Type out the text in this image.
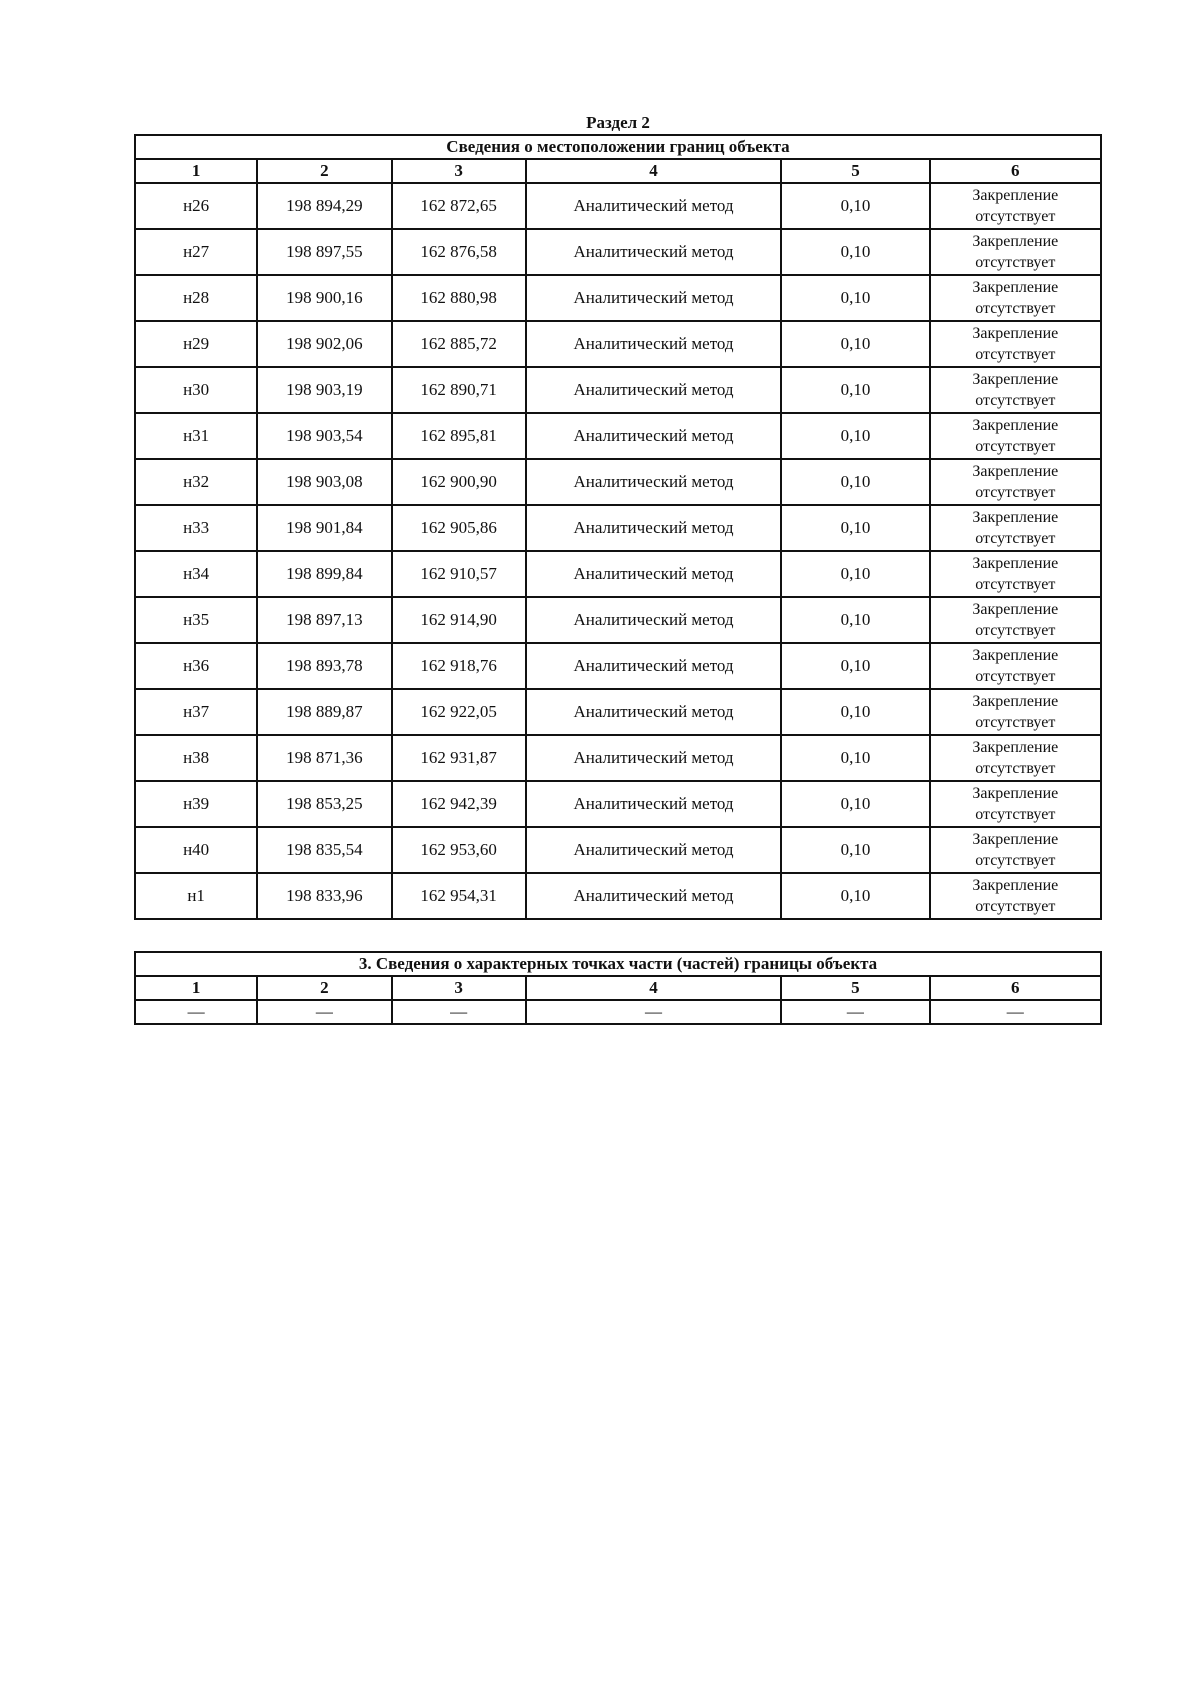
Раздел 2
Сведения о местоположении границ объекта					
1	2	3	4	5	6
н26	198 894,29	162 872,65	Аналитический метод	0,10	Закрепление
отсутствует

н27	198 897,55	162 876,58	Аналитический метод	0,10	Закрепление
отсутствует

н28	198 900,16	162 880,98	Аналитический метод	0,10	Закрепление
отсутствует

н29	198 902,06	162 885,72	Аналитический метод	0,10	Закрепление
отсутствует

н30	198 903,19	162 890,71	Аналитический метод	0,10	Закрепление
отсутствует

н31	198 903,54	162 895,81	Аналитический метод	0,10	Закрепление
отсутствует

н32	198 903,08	162 900,90	Аналитический метод	0,10	Закрепление
отсутствует

н33	198 901,84	162 905,86	Аналитический метод	0,10	Закрепление
отсутствует

н34	198 899,84	162 910,57	Аналитический метод	0,10	Закрепление
отсутствует

н35	198 897,13	162 914,90	Аналитический метод	0,10	Закрепление
отсутствует

н36	198 893,78	162 918,76	Аналитический метод	0,10	Закрепление
отсутствует

н37	198 889,87	162 922,05	Аналитический метод	0,10	Закрепление
отсутствует

н38	198 871,36	162 931,87	Аналитический метод	0,10	Закрепление
отсутствует

н39	198 853,25	162 942,39	Аналитический метод	0,10	Закрепление
отсутствует

н40	198 835,54	162 953,60	Аналитический метод	0,10	Закрепление
отсутствует

н1	198 833,96	162 954,31	Аналитический метод	0,10	Закрепление
отсутствует
3. Сведения о характерных точках части (частей) границы объекта					
1	2	3	4	5	6
—	—	—	—	—	—
